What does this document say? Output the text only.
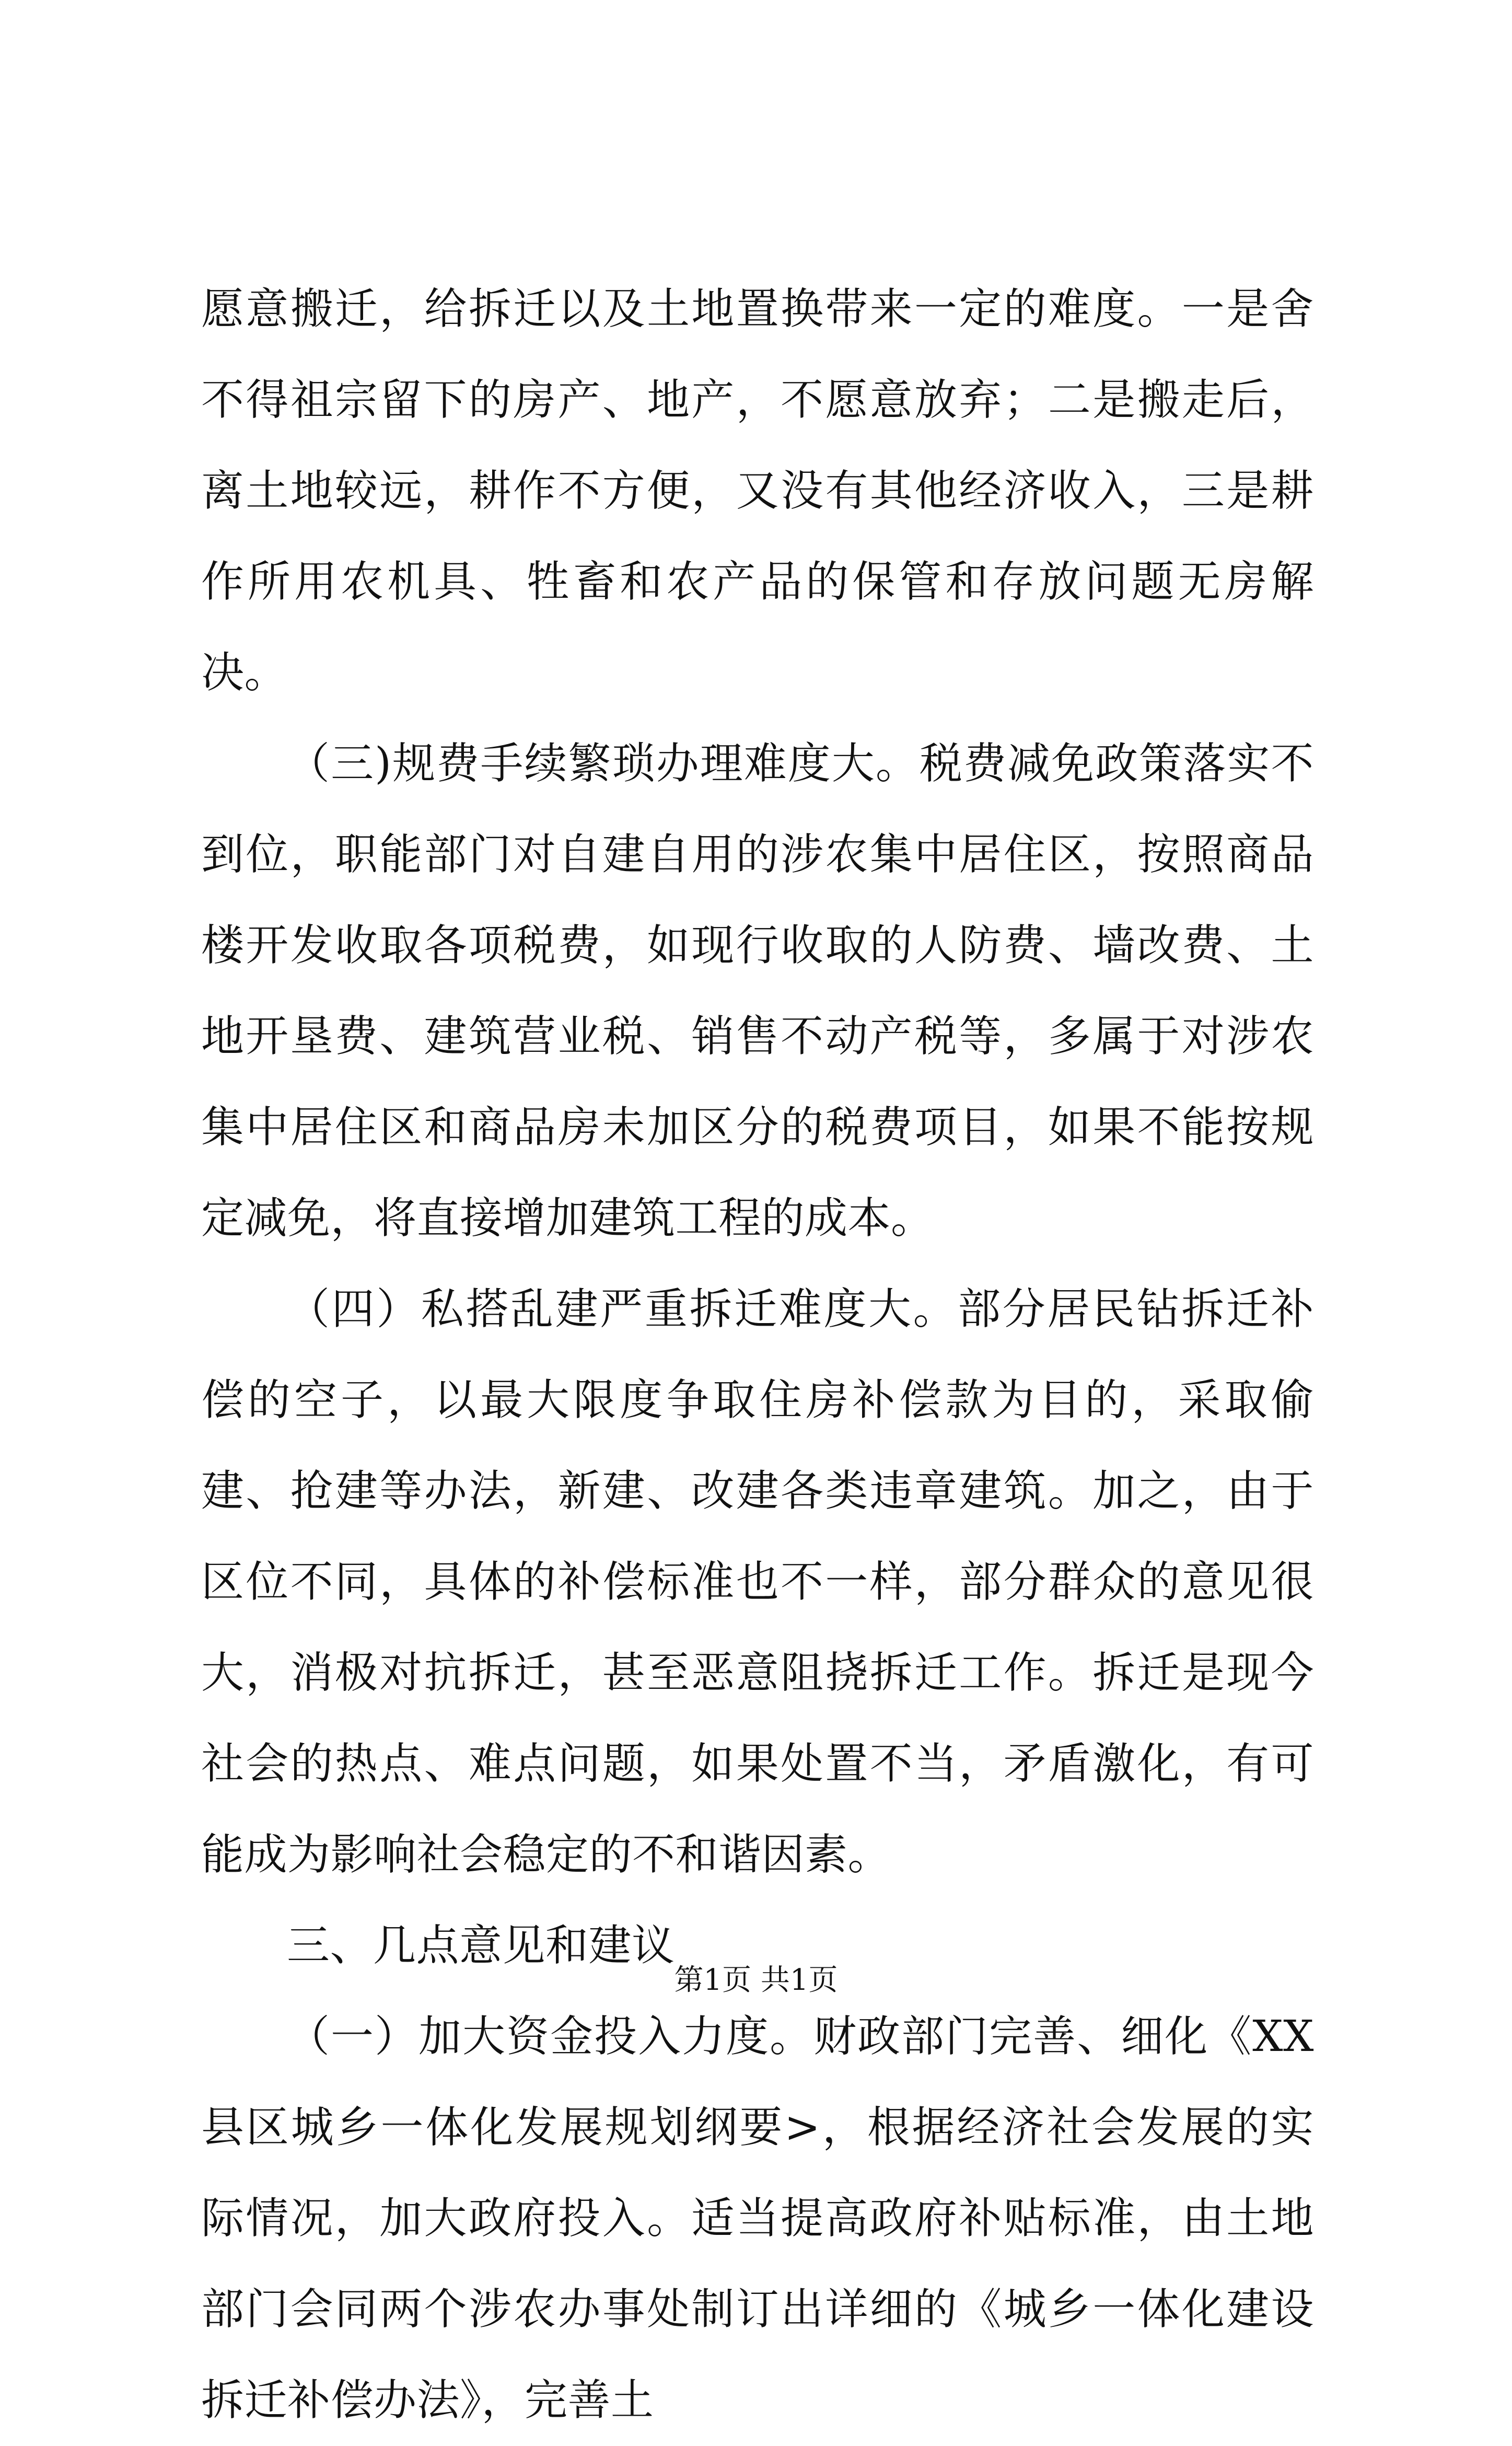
愿意搬迁，给拆迁以及土地置换带来一定的难度。一是舍不得祖宗留下的房产、地产，不愿意放弃；二是搬走后，离土地较远，耕作不方便，又没有其他经济收入，三是耕作所用农机具、牲畜和农产品的保管和存放问题无房解决。

（三)规费手续繁琐办理难度大。税费减免政策落实不到位，职能部门对自建自用的涉农集中居住区，按照商品楼开发收取各项税费，如现行收取的人防费、墙改费、土地开垦费、建筑营业税、销售不动产税等，多属于对涉农集中居住区和商品房未加区分的税费项目，如果不能按规定减免，将直接增加建筑工程的成本。

（四）私搭乱建严重拆迁难度大。部分居民钻拆迁补偿的空子，以最大限度争取住房补偿款为目的，采取偷建、抢建等办法，新建、改建各类违章建筑。加之，由于区位不同，具体的补偿标准也不一样，部分群众的意见很大，消极对抗拆迁，甚至恶意阻挠拆迁工作。拆迁是现今社会的热点、难点问题，如果处置不当，矛盾激化，有可能成为影响社会稳定的不和谐因素。

三、几点意见和建议

（一）加大资金投入力度。财政部门完善、细化《XX县区城乡一体化发展规划纲要>，根据经济社会发展的实际情况，加大政府投入。适当提高政府补贴标准，由土地部门会同两个涉农办事处制订出详细的《城乡一体化建设拆迁补偿办法》，完善土

第1页 共1页
